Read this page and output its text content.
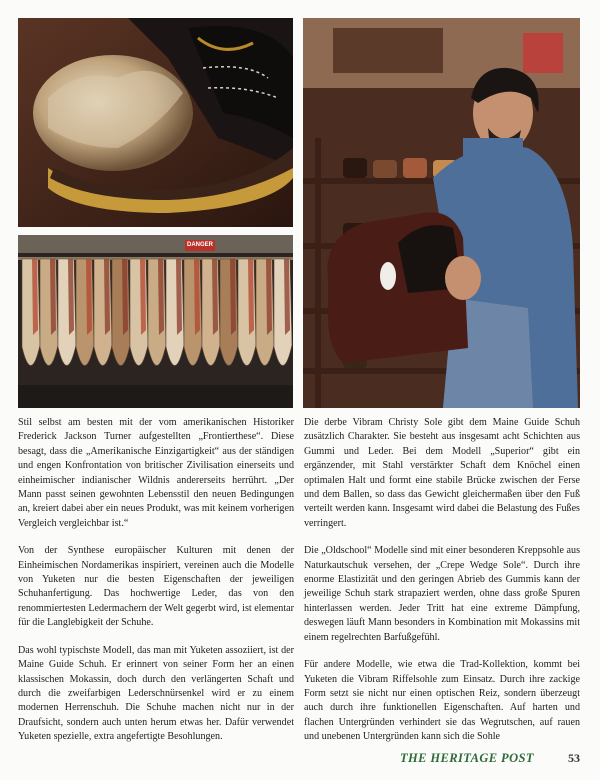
DANGER

Stil selbst am besten mit der vom amerikanischen Historiker Frederick Jackson Turner aufgestellten „Frontierthese“. Diese besagt, dass die „Amerikanische Einzigartigkeit“ aus der ständigen und engen Konfrontation von britischer Zivilisation einerseits und einheimischer indianischer Wildnis andererseits herrührt. „Der Mann passt seinen gewohnten Lebensstil den neuen Bedingungen an, kreiert dabei aber ein neues Produkt, was mit keinem vorherigen Vergleich vergleichbar ist.“

Von der Synthese europäischer Kulturen mit denen der Einheimischen Nordamerikas inspiriert, vereinen auch die Modelle von Yuketen nur die besten Eigenschaften der jeweiligen Schuhanfertigung. Das hochwertige Leder, das von den renommiertesten Ledermachern der Welt gegerbt wird, ist elementar für die Langlebigkeit der Schuhe.

Das wohl typischste Modell, das man mit Yuketen assoziiert, ist der Maine Guide Schuh. Er erinnert von seiner Form her an einen klassischen Mokassin, doch durch den verlängerten Schaft und durch die zweifarbigen Lederschnürsenkel wird er zu einem modernen Herrenschuh. Die Schuhe machen nicht nur in der Draufsicht, sondern auch unten herum etwas her. Dafür verwendet Yuketen spezielle, extra angefertigte Besohlungen.

Die derbe Vibram Christy Sole gibt dem Maine Guide Schuh zusätzlich Charakter. Sie besteht aus insgesamt acht Schichten aus Gummi und Leder. Bei dem Modell „Superior“ gibt ein ergänzender, mit Stahl verstärkter Schaft dem Knöchel einen optimalen Halt und formt eine stabile Brücke zwischen der Ferse und dem Ballen, so dass das Gewicht gleichermaßen über den Fuß verteilt werden kann. Insgesamt wird dabei die Belastung des Fußes verringert.

Die „Oldschool“ Modelle sind mit einer besonderen Kreppsohle aus Naturkautschuk versehen, der „Crepe Wedge Sole“. Durch ihre enorme Elastizität und den geringen Abrieb des Gummis kann der jeweilige Schuh stark strapaziert werden, ohne dass große Spuren hinterlassen werden. Jeder Tritt hat eine extreme Dämpfung, deswegen läuft Mann besonders in Kombination mit Mokassins mit einem regelrechten Barfußgefühl.

Für andere Modelle, wie etwa die Trad-Kollektion, kommt bei Yuketen die Vibram Riffelsohle zum Einsatz. Durch ihre zackige Form setzt sie nicht nur einen optischen Reiz, sondern überzeugt auch durch ihre funktionellen Eigenschaften. Auf harten und flachen Untergründen verhindert sie das Wegrutschen, auf rauen und unebenen Untergründen kann sich die Sohle

THE HERITAGE POST	53
